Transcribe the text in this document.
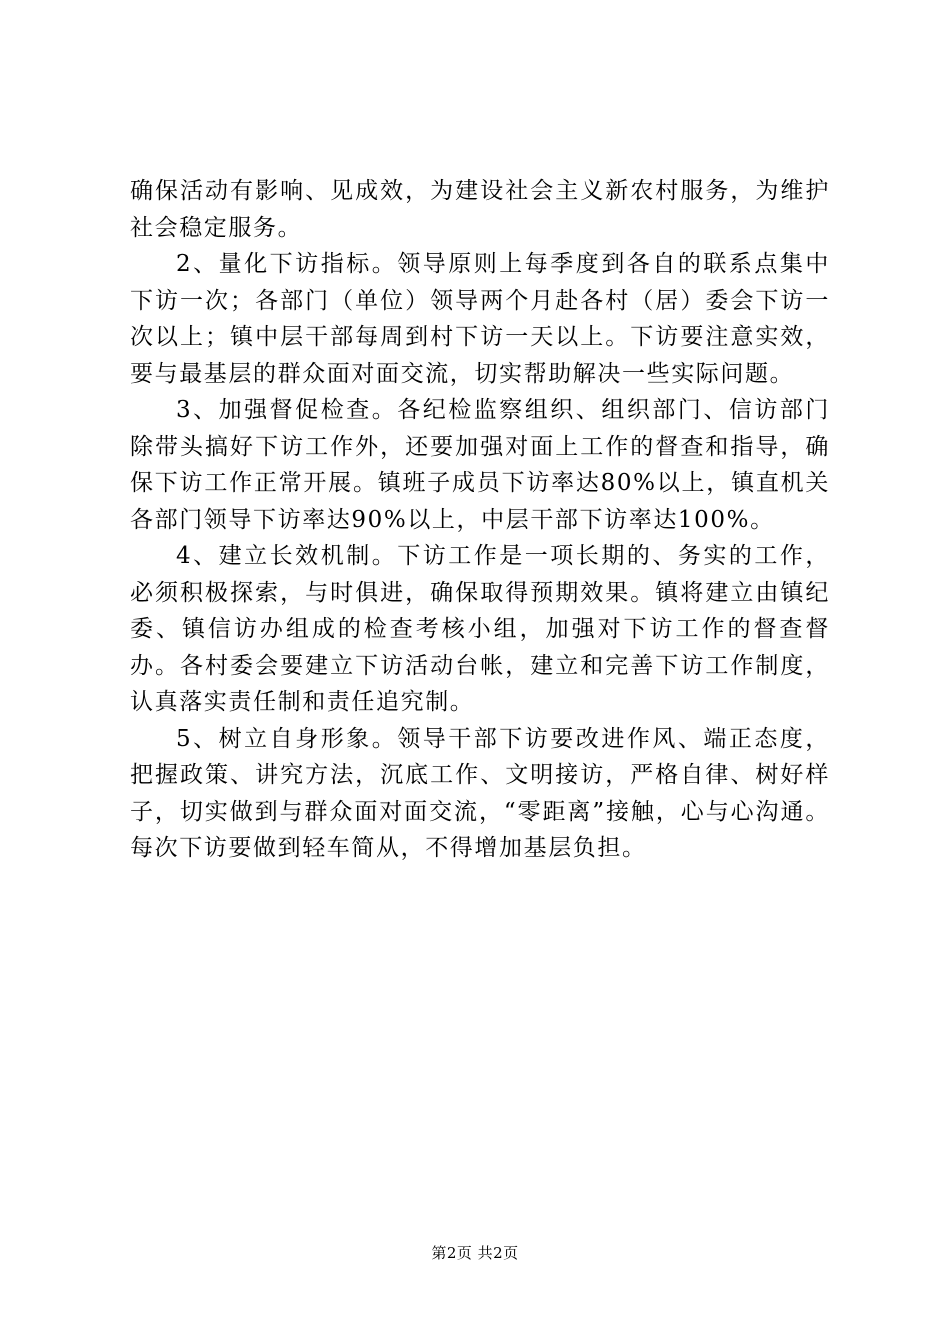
确保活动有影响、见成效，为建设社会主义新农村服务，为维护社会稳定服务。

2、量化下访指标。领导原则上每季度到各自的联系点集中下访一次；各部门（单位）领导两个月赴各村（居）委会下访一次以上；镇中层干部每周到村下访一天以上。下访要注意实效，要与最基层的群众面对面交流，切实帮助解决一些实际问题。

3、加强督促检查。各纪检监察组织、组织部门、信访部门除带头搞好下访工作外，还要加强对面上工作的督查和指导，确保下访工作正常开展。镇班子成员下访率达80%以上，镇直机关各部门领导下访率达90%以上，中层干部下访率达100%。

4、建立长效机制。下访工作是一项长期的、务实的工作，必须积极探索，与时俱进，确保取得预期效果。镇将建立由镇纪委、镇信访办组成的检查考核小组，加强对下访工作的督查督办。各村委会要建立下访活动台帐，建立和完善下访工作制度，认真落实责任制和责任追究制。

5、树立自身形象。领导干部下访要改进作风、端正态度，把握政策、讲究方法，沉底工作、文明接访，严格自律、树好样子，切实做到与群众面对面交流，“零距离”接触，心与心沟通。每次下访要做到轻车简从，不得增加基层负担。

第2页 共2页
